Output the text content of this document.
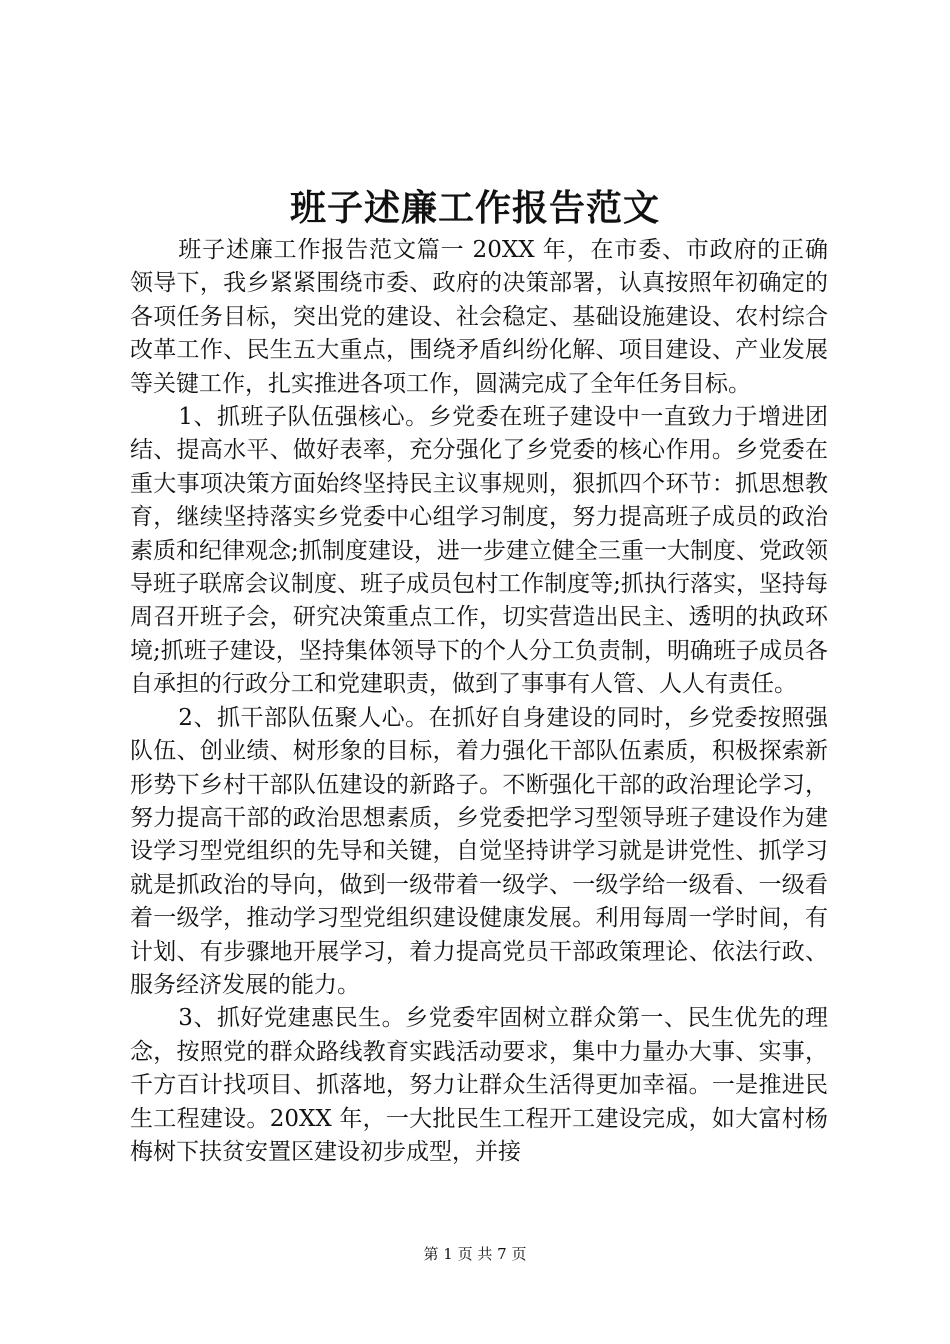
班子述廉工作报告范文

班子述廉工作报告范文篇一 20XX 年，在市委、市政府的正确领导下，我乡紧紧围绕市委、政府的决策部署，认真按照年初确定的各项任务目标，突出党的建设、社会稳定、基础设施建设、农村综合改革工作、民生五大重点，围绕矛盾纠纷化解、项目建设、产业发展等关键工作，扎实推进各项工作，圆满完成了全年任务目标。

1、抓班子队伍强核心。乡党委在班子建设中一直致力于增进团结、提高水平、做好表率，充分强化了乡党委的核心作用。乡党委在重大事项决策方面始终坚持民主议事规则，狠抓四个环节：抓思想教育，继续坚持落实乡党委中心组学习制度，努力提高班子成员的政治素质和纪律观念;抓制度建设，进一步建立健全三重一大制度、党政领导班子联席会议制度、班子成员包村工作制度等;抓执行落实，坚持每周召开班子会，研究决策重点工作，切实营造出民主、透明的执政环境;抓班子建设，坚持集体领导下的个人分工负责制，明确班子成员各自承担的行政分工和党建职责，做到了事事有人管、人人有责任。

2、抓干部队伍聚人心。在抓好自身建设的同时，乡党委按照强队伍、创业绩、树形象的目标，着力强化干部队伍素质，积极探索新形势下乡村干部队伍建设的新路子。不断强化干部的政治理论学习，努力提高干部的政治思想素质，乡党委把学习型领导班子建设作为建设学习型党组织的先导和关键，自觉坚持讲学习就是讲党性、抓学习就是抓政治的导向，做到一级带着一级学、一级学给一级看、一级看着一级学，推动学习型党组织建设健康发展。利用每周一学时间，有计划、有步骤地开展学习，着力提高党员干部政策理论、依法行政、服务经济发展的能力。

3、抓好党建惠民生。乡党委牢固树立群众第一、民生优先的理念，按照党的群众路线教育实践活动要求，集中力量办大事、实事，千方百计找项目、抓落地，努力让群众生活得更加幸福。一是推进民生工程建设。20XX 年，一大批民生工程开工建设完成，如大富村杨梅树下扶贫安置区建设初步成型，并接

第 1 页 共 7 页
